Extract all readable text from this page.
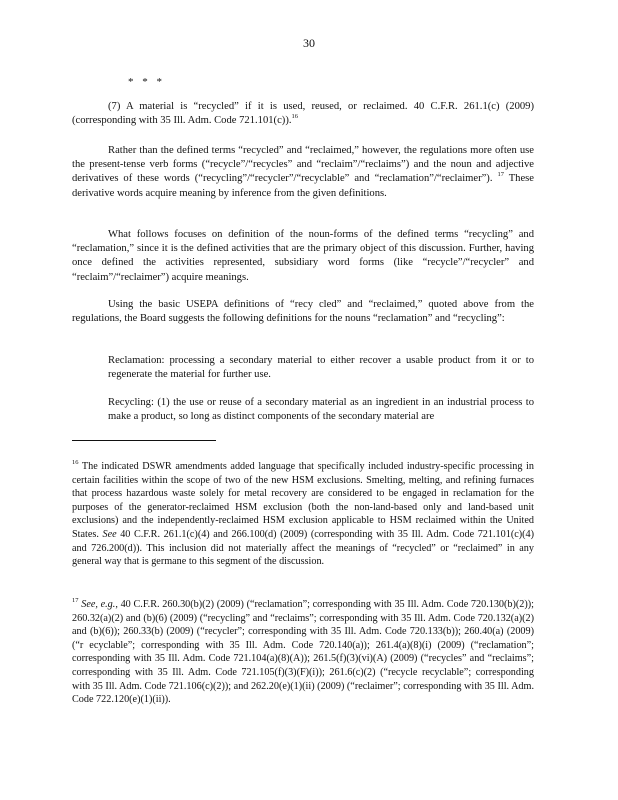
30
* * *

(7) A material is “recycled” if it is used, reused, or reclaimed. 40 C.F.R. 261.1(c) (2009) (corresponding with 35 Ill. Adm. Code 721.101(c)).$^{16}$

Rather than the defined terms “recycled” and “reclaimed,” however, the regulations more often use the present-tense verb forms (“recycle”/“recycles” and “reclaim”/“reclaims”) and the noun and adjective derivatives of these words (“recycling”/“recycler”/“recyclable” and “reclamation”/“reclaimer”). $^{17}$ These derivative words acquire meaning by inference from the given definitions.

What follows focuses on definition of the noun-forms of the defined terms “recycling” and “reclamation,” since it is the defined activities that are the primary object of this discussion. Further, having once defined the activities represented, subsidiary word forms (like “recycle”/“recycler” and “reclaim”/“reclaimer”) acquire meanings.

Using the basic USEPA definitions of “recy cled” and “reclaimed,” quoted above from the regulations, the Board suggests the following definitions for the nouns “reclamation” and “recycling”:

Reclamation: processing a secondary material to either recover a usable product from it or to regenerate the material for further use.

Recycling: (1) the use or reuse of a secondary material as an ingredient in an industrial process to make a product, so long as distinct components of the secondary material are

$^{16}$ The indicated DSWR amendments added language that specifically included industry-specific processing in certain facilities within the scope of two of the new HSM exclusions. Smelting, melting, and refining furnaces that process hazardous waste solely for metal recovery are considered to be engaged in reclamation for the purposes of the generator-reclaimed HSM exclusion (both the non-land-based only and land-based unit exclusions) and the independently-reclaimed HSM exclusion applicable to HSM reclaimed within the United States. See 40 C.F.R. 261.1(c)(4) and 266.100(d) (2009) (corresponding with 35 Ill. Adm. Code 721.101(c)(4) and 726.200(d)). This inclusion did not materially affect the meanings of “recycled” or “reclaimed” in any general way that is germane to this segment of the discussion.

$^{17}$ See, e.g., 40 C.F.R. 260.30(b)(2) (2009) (“reclamation”; corresponding with 35 Ill. Adm. Code 720.130(b)(2)); 260.32(a)(2) and (b)(6) (2009) (“recycling” and “reclaims”; corresponding with 35 Ill. Adm. Code 720.132(a)(2) and (b)(6)); 260.33(b) (2009) (“recycler”; corresponding with 35 Ill. Adm. Code 720.133(b)); 260.40(a) (2009) (“r ecyclable”; corresponding with 35 Ill. Adm. Code 720.140(a)); 261.4(a)(8)(i) (2009) (“reclamation”; corresponding with 35 Ill. Adm. Code 721.104(a)(8)(A)); 261.5(f)(3)(vi)(A) (2009) (“recycles” and “reclaims”; corresponding with 35 Ill. Adm. Code 721.105(f)(3)(F)(i)); 261.6(c)(2) (“recycle recyclable”; corresponding with 35 Ill. Adm. Code 721.106(c)(2)); and 262.20(e)(1)(ii) (2009) (“reclaimer”; corresponding with 35 Ill. Adm. Code 722.120(e)(1)(ii)).
